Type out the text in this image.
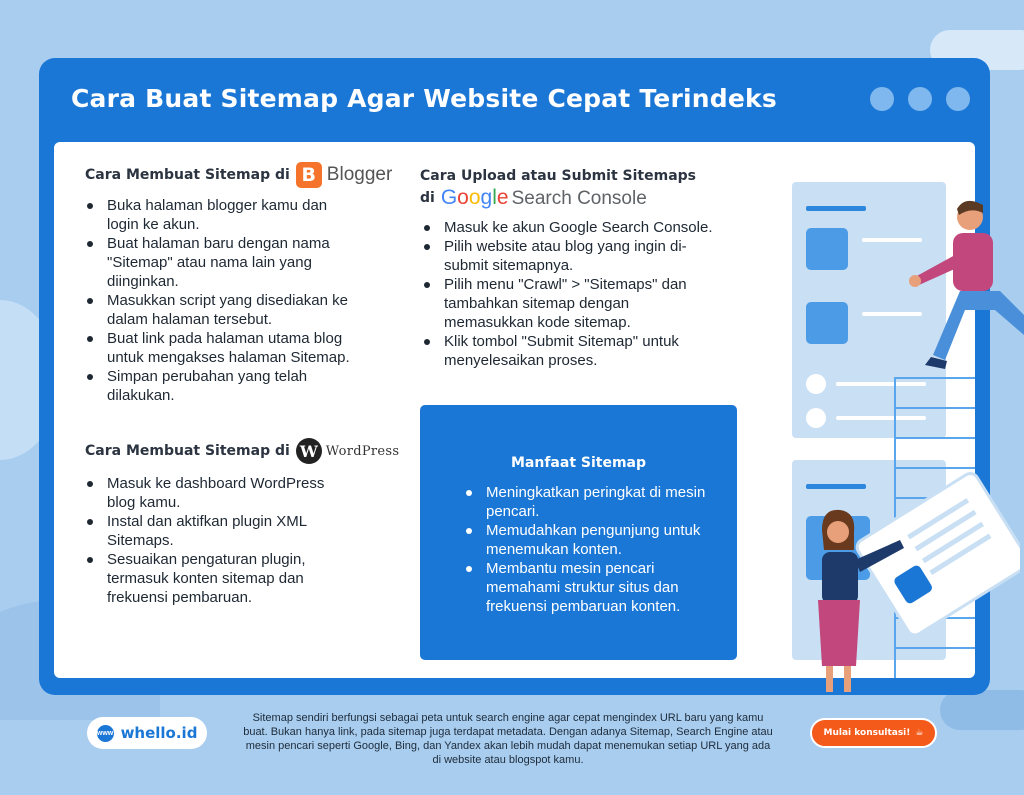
Cara Buat Sitemap Agar Website Cepat Terindeks
Cara Membuat Sitemap di B Blogger
Buka halaman blogger kamu dan login ke akun.
Buat halaman baru dengan nama "Sitemap" atau nama lain yang diinginkan.
Masukkan script yang disediakan ke dalam halaman tersebut.
Buat link pada halaman utama blog untuk mengakses halaman Sitemap.
Simpan perubahan yang telah dilakukan.
Cara Membuat Sitemap di W WordPress
Masuk ke dashboard WordPress blog kamu.
Instal dan aktifkan plugin XML Sitemaps.
Sesuaikan pengaturan plugin, termasuk konten sitemap dan frekuensi pembaruan.
Cara Upload atau Submit Sitemaps
di Google Search Console
Masuk ke akun Google Search Console.
Pilih website atau blog yang ingin di-submit sitemapnya.
Pilih menu "Crawl" > "Sitemaps" dan tambahkan sitemap dengan memasukkan kode sitemap.
Klik tombol "Submit Sitemap" untuk menyelesaikan proses.
Manfaat Sitemap
Meningkatkan peringkat di mesin pencari.
Memudahkan pengunjung untuk menemukan konten.
Membantu mesin pencari memahami struktur situs dan frekuensi pembaruan konten.
www whello.id
Sitemap sendiri berfungsi sebagai peta untuk search engine agar cepat mengindex URL baru yang kamu buat. Bukan hanya link, pada sitemap juga terdapat metadata. Dengan adanya Sitemap, Search Engine atau mesin pencari seperti Google, Bing, dan Yandex akan lebih mudah dapat menemukan setiap URL yang ada di website atau blogspot kamu.
Mulai konsultasi! ☕
